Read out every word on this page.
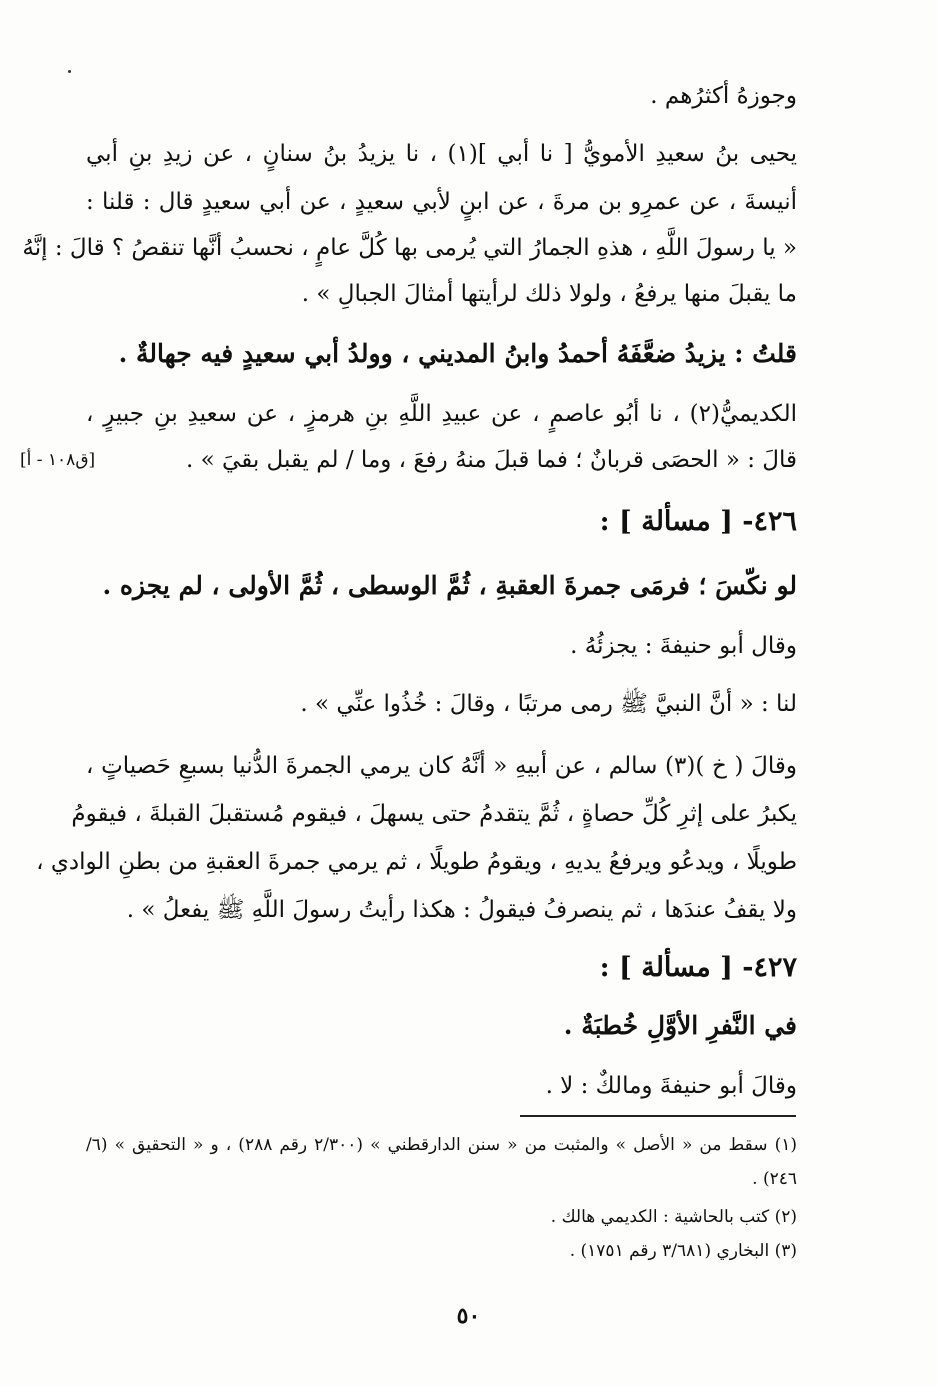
وجوزهُ أكثرُهم .
يحيى بنُ سعيدِ الأمويُّ [ نا أبي ](١) ، نا يزيدُ بنُ سنانٍ ، عن زيدِ بنِ أبي
أنيسةَ ، عن عمرِو بن مرةَ ، عن ابنٍ لأبي سعيدٍ ، عن أبي سعيدٍ قال : قلنا :
« يا رسولَ اللَّهِ ، هذهِ الجمارُ التي يُرمى بها كُلَّ عامٍ ، نحسبُ أنَّها تنقصُ ؟ قالَ : إنَّهُ
ما يقبلَ منها يرفعُ ، ولولا ذلك لرأيتها أمثالَ الجبالِ » .
قلتُ : يزيدُ ضعَّفَهُ أحمدُ وابنُ المديني ، وولدُ أبي سعيدٍ فيه جهالةٌ .
الكديميُّ(٢) ، نا أبُو عاصمٍ ، عن عبيدِ اللَّهِ بنِ هرمزٍ ، عن سعيدِ بنِ جبيرٍ ،
قالَ : « الحصَى قربانٌ ؛ فما قبلَ منهُ رفعَ ، وما / لم يقبل بقيَ » .
[ق١٠٨ - أ]
٤٢٦- [ مسألة ] :
لو نكّسَ ؛ فرمَى جمرةَ العقبةِ ، ثُمَّ الوسطى ، ثُمَّ الأولى ، لم يجزه .
وقال أبو حنيفةَ : يجزئُهُ .
لنا : « أنَّ النبيَّ ﷺ رمى مرتبًا ، وقالَ : خُذُوا عنِّي » .
وقالَ ( خ )(٣) سالم ، عن أبيهِ « أنَّهُ كان يرمي الجمرةَ الدُّنيا بسبعِ حَصياتٍ ،
يكبرُ على إثرِ كُلِّ حصاةٍ ، ثُمَّ يتقدمُ حتى يسهلَ ، فيقوم مُستقبلَ القبلةَ ، فيقومُ
طويلًا ، ويدعُو ويرفعُ يديهِ ، ويقومُ طويلًا ، ثم يرمي جمرةَ العقبةِ من بطنِ الوادي ،
ولا يقفُ عندَها ، ثم ينصرفُ فيقولُ : هكذا رأيتُ رسولَ اللَّهِ ﷺ يفعلُ » .
٤٢٧- [ مسألة ] :
في النَّفرِ الأوَّلِ خُطبَةٌ .
وقالَ أبو حنيفةَ ومالكٌ : لا .
(١) سقط من « الأصل » والمثبت من « سنن الدارقطني » (٢/٣٠٠ رقم ٢٨٨) ، و « التحقيق » (٦/
٢٤٦) .
(٢) كتب بالحاشية : الكديمي هالك .
(٣) البخاري (٣/٦٨١ رقم ١٧٥١) .
٥٠
